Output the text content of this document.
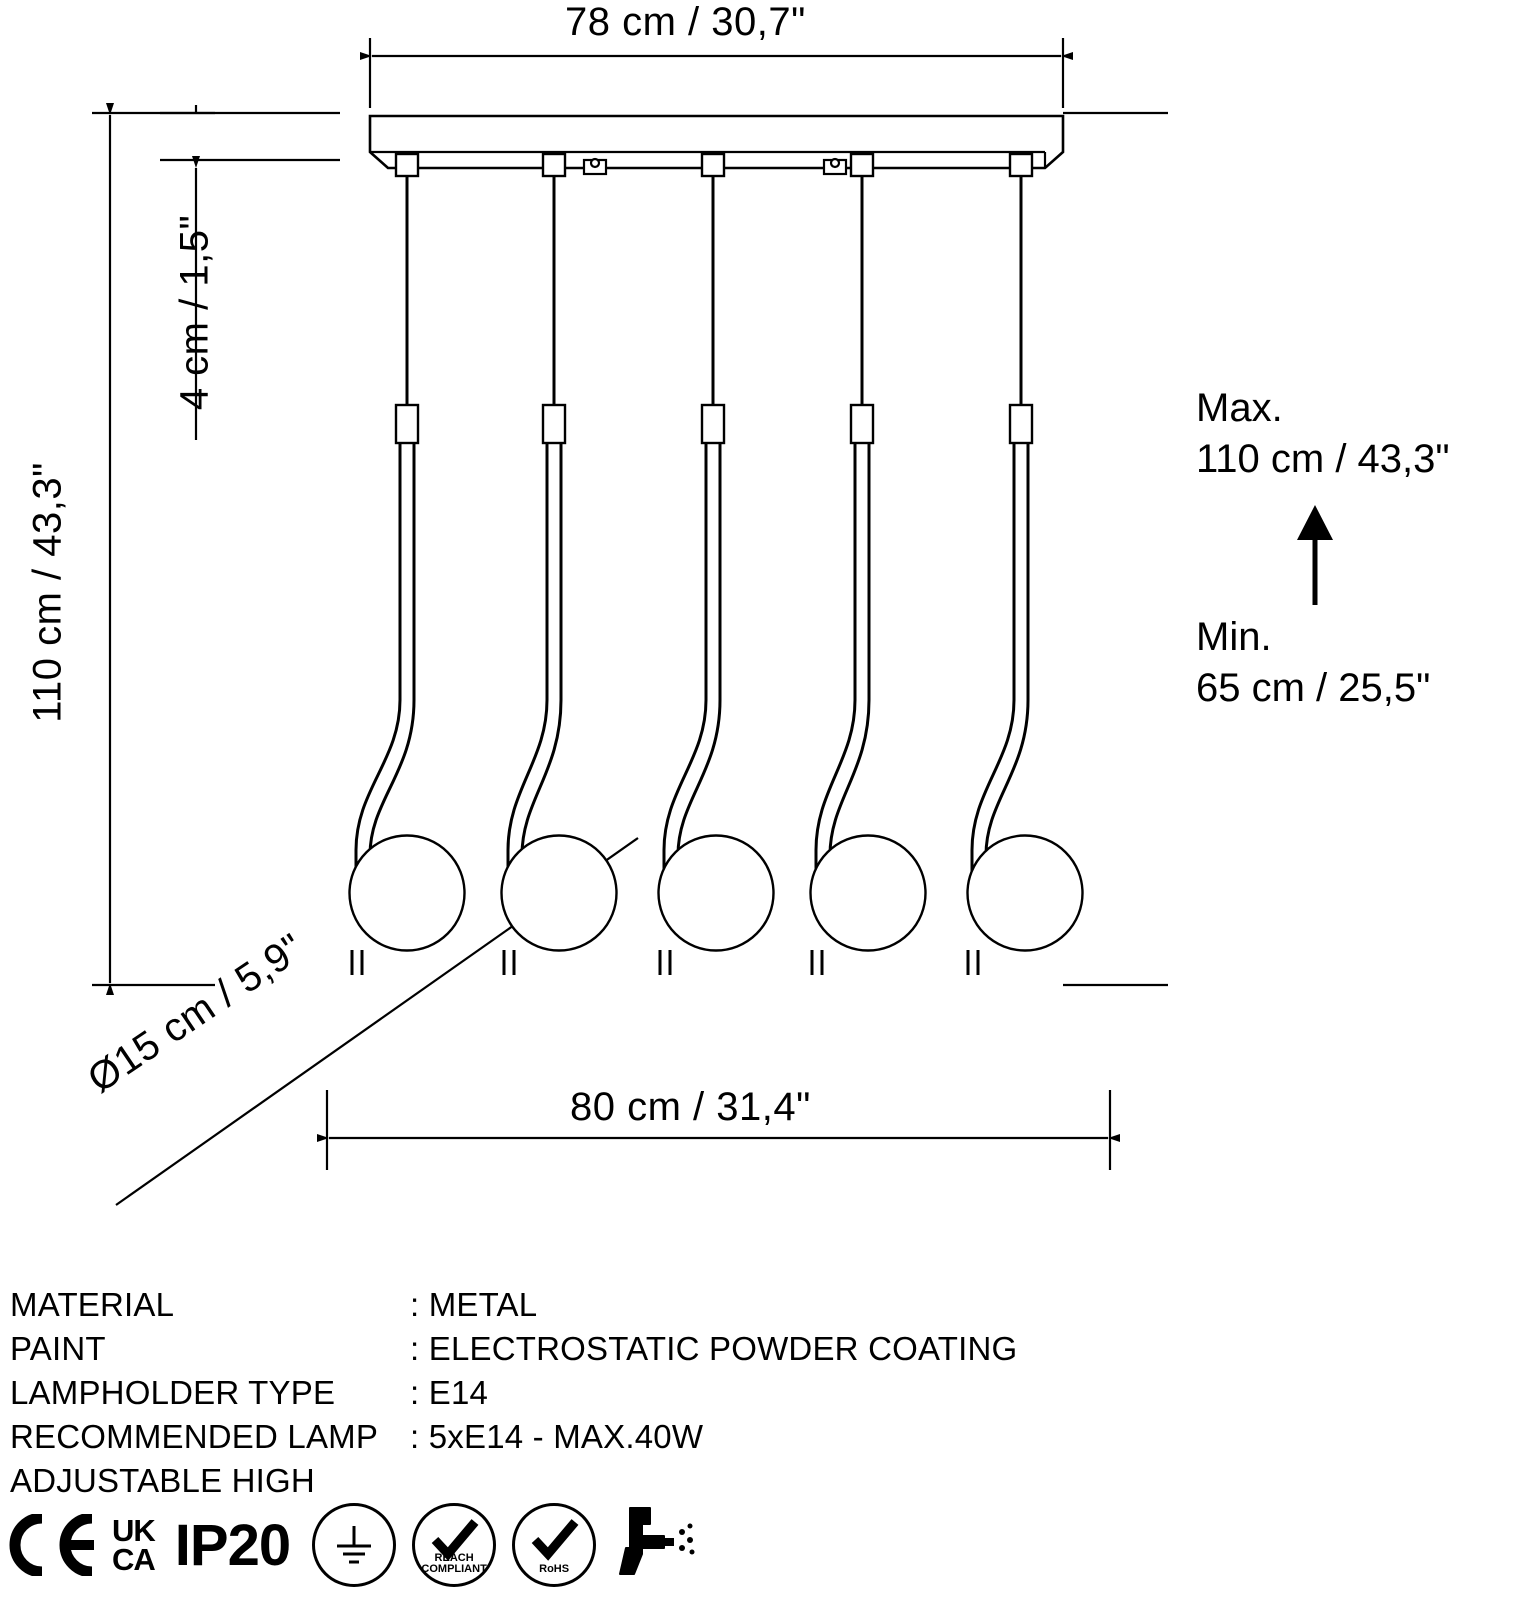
78 cm / 30,7"
80 cm / 31,4"
110 cm / 43,3"
4 cm / 1,5"
Ø15 cm / 5,9"
Max.
110 cm / 43,3"
Min.
65 cm / 25,5"
MATERIAL	: METAL
PAINT	: ELECTROSTATIC POWDER COATING
LAMPHOLDER TYPE	: E14
RECOMMENDED LAMP : 5xE14 - MAX.40W
ADJUSTABLE HIGH
UK
CA IP20	REACH
COMPLIANT	RoHS
